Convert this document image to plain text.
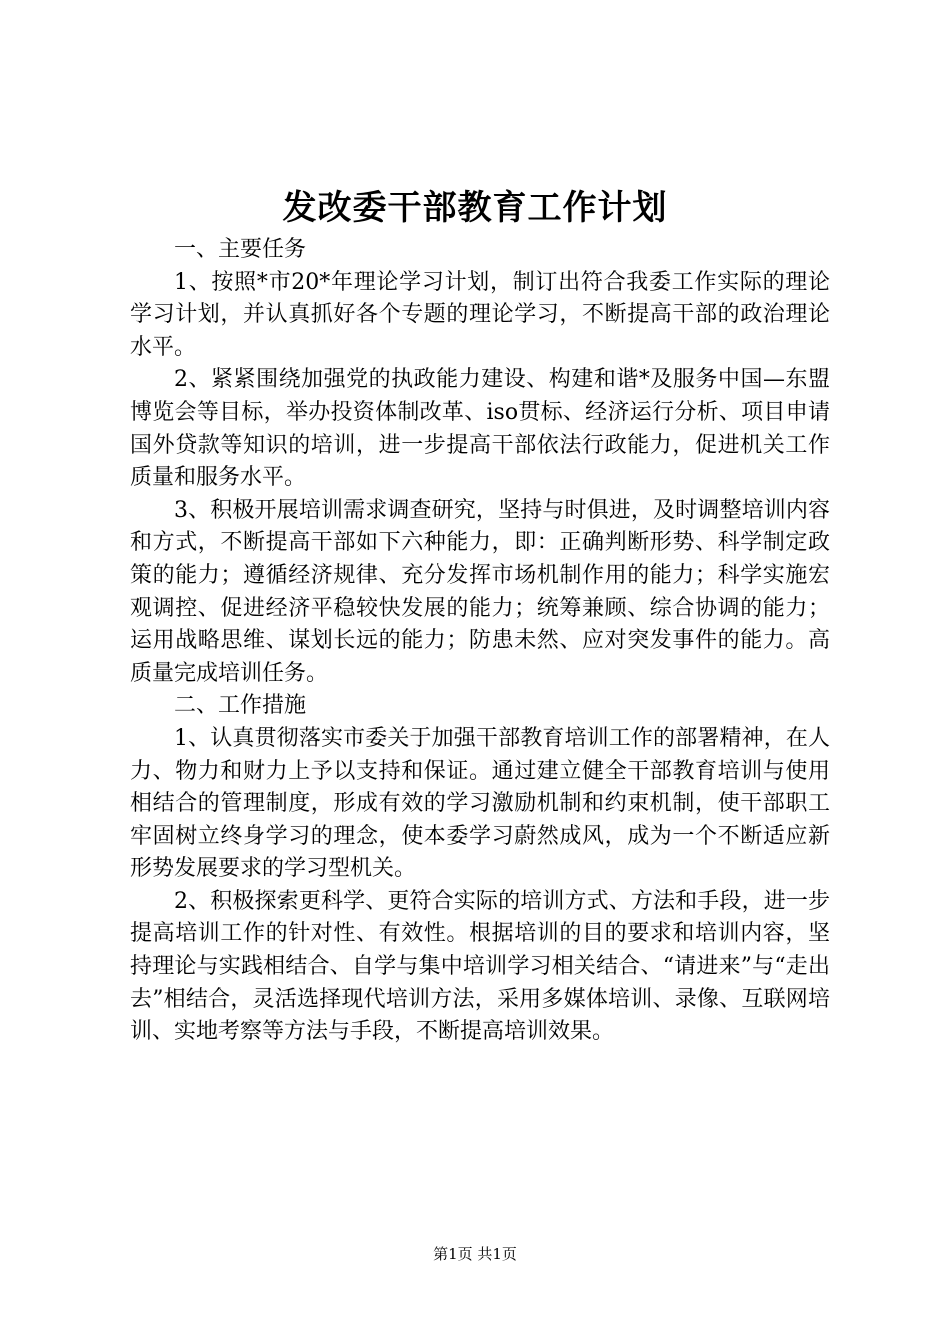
发改委干部教育工作计划

一、主要任务

1、按照*市20*年理论学习计划，制订出符合我委工作实际的理论学习计划，并认真抓好各个专题的理论学习，不断提高干部的政治理论水平。

2、紧紧围绕加强党的执政能力建设、构建和谐*及服务中国—东盟博览会等目标，举办投资体制改革、iso贯标、经济运行分析、项目申请国外贷款等知识的培训，进一步提高干部依法行政能力，促进机关工作质量和服务水平。

3、积极开展培训需求调查研究，坚持与时俱进，及时调整培训内容和方式，不断提高干部如下六种能力，即：正确判断形势、科学制定政策的能力；遵循经济规律、充分发挥市场机制作用的能力；科学实施宏观调控、促进经济平稳较快发展的能力；统筹兼顾、综合协调的能力；运用战略思维、谋划长远的能力；防患未然、应对突发事件的能力。高质量完成培训任务。

二、工作措施

1、认真贯彻落实市委关于加强干部教育培训工作的部署精神，在人力、物力和财力上予以支持和保证。通过建立健全干部教育培训与使用相结合的管理制度，形成有效的学习激励机制和约束机制，使干部职工牢固树立终身学习的理念，使本委学习蔚然成风，成为一个不断适应新形势发展要求的学习型机关。

2、积极探索更科学、更符合实际的培训方式、方法和手段，进一步提高培训工作的针对性、有效性。根据培训的目的要求和培训内容，坚持理论与实践相结合、自学与集中培训学习相关结合、“请进来”与“走出去”相结合，灵活选择现代培训方法，采用多媒体培训、录像、互联网培训、实地考察等方法与手段，不断提高培训效果。

第1页 共1页
